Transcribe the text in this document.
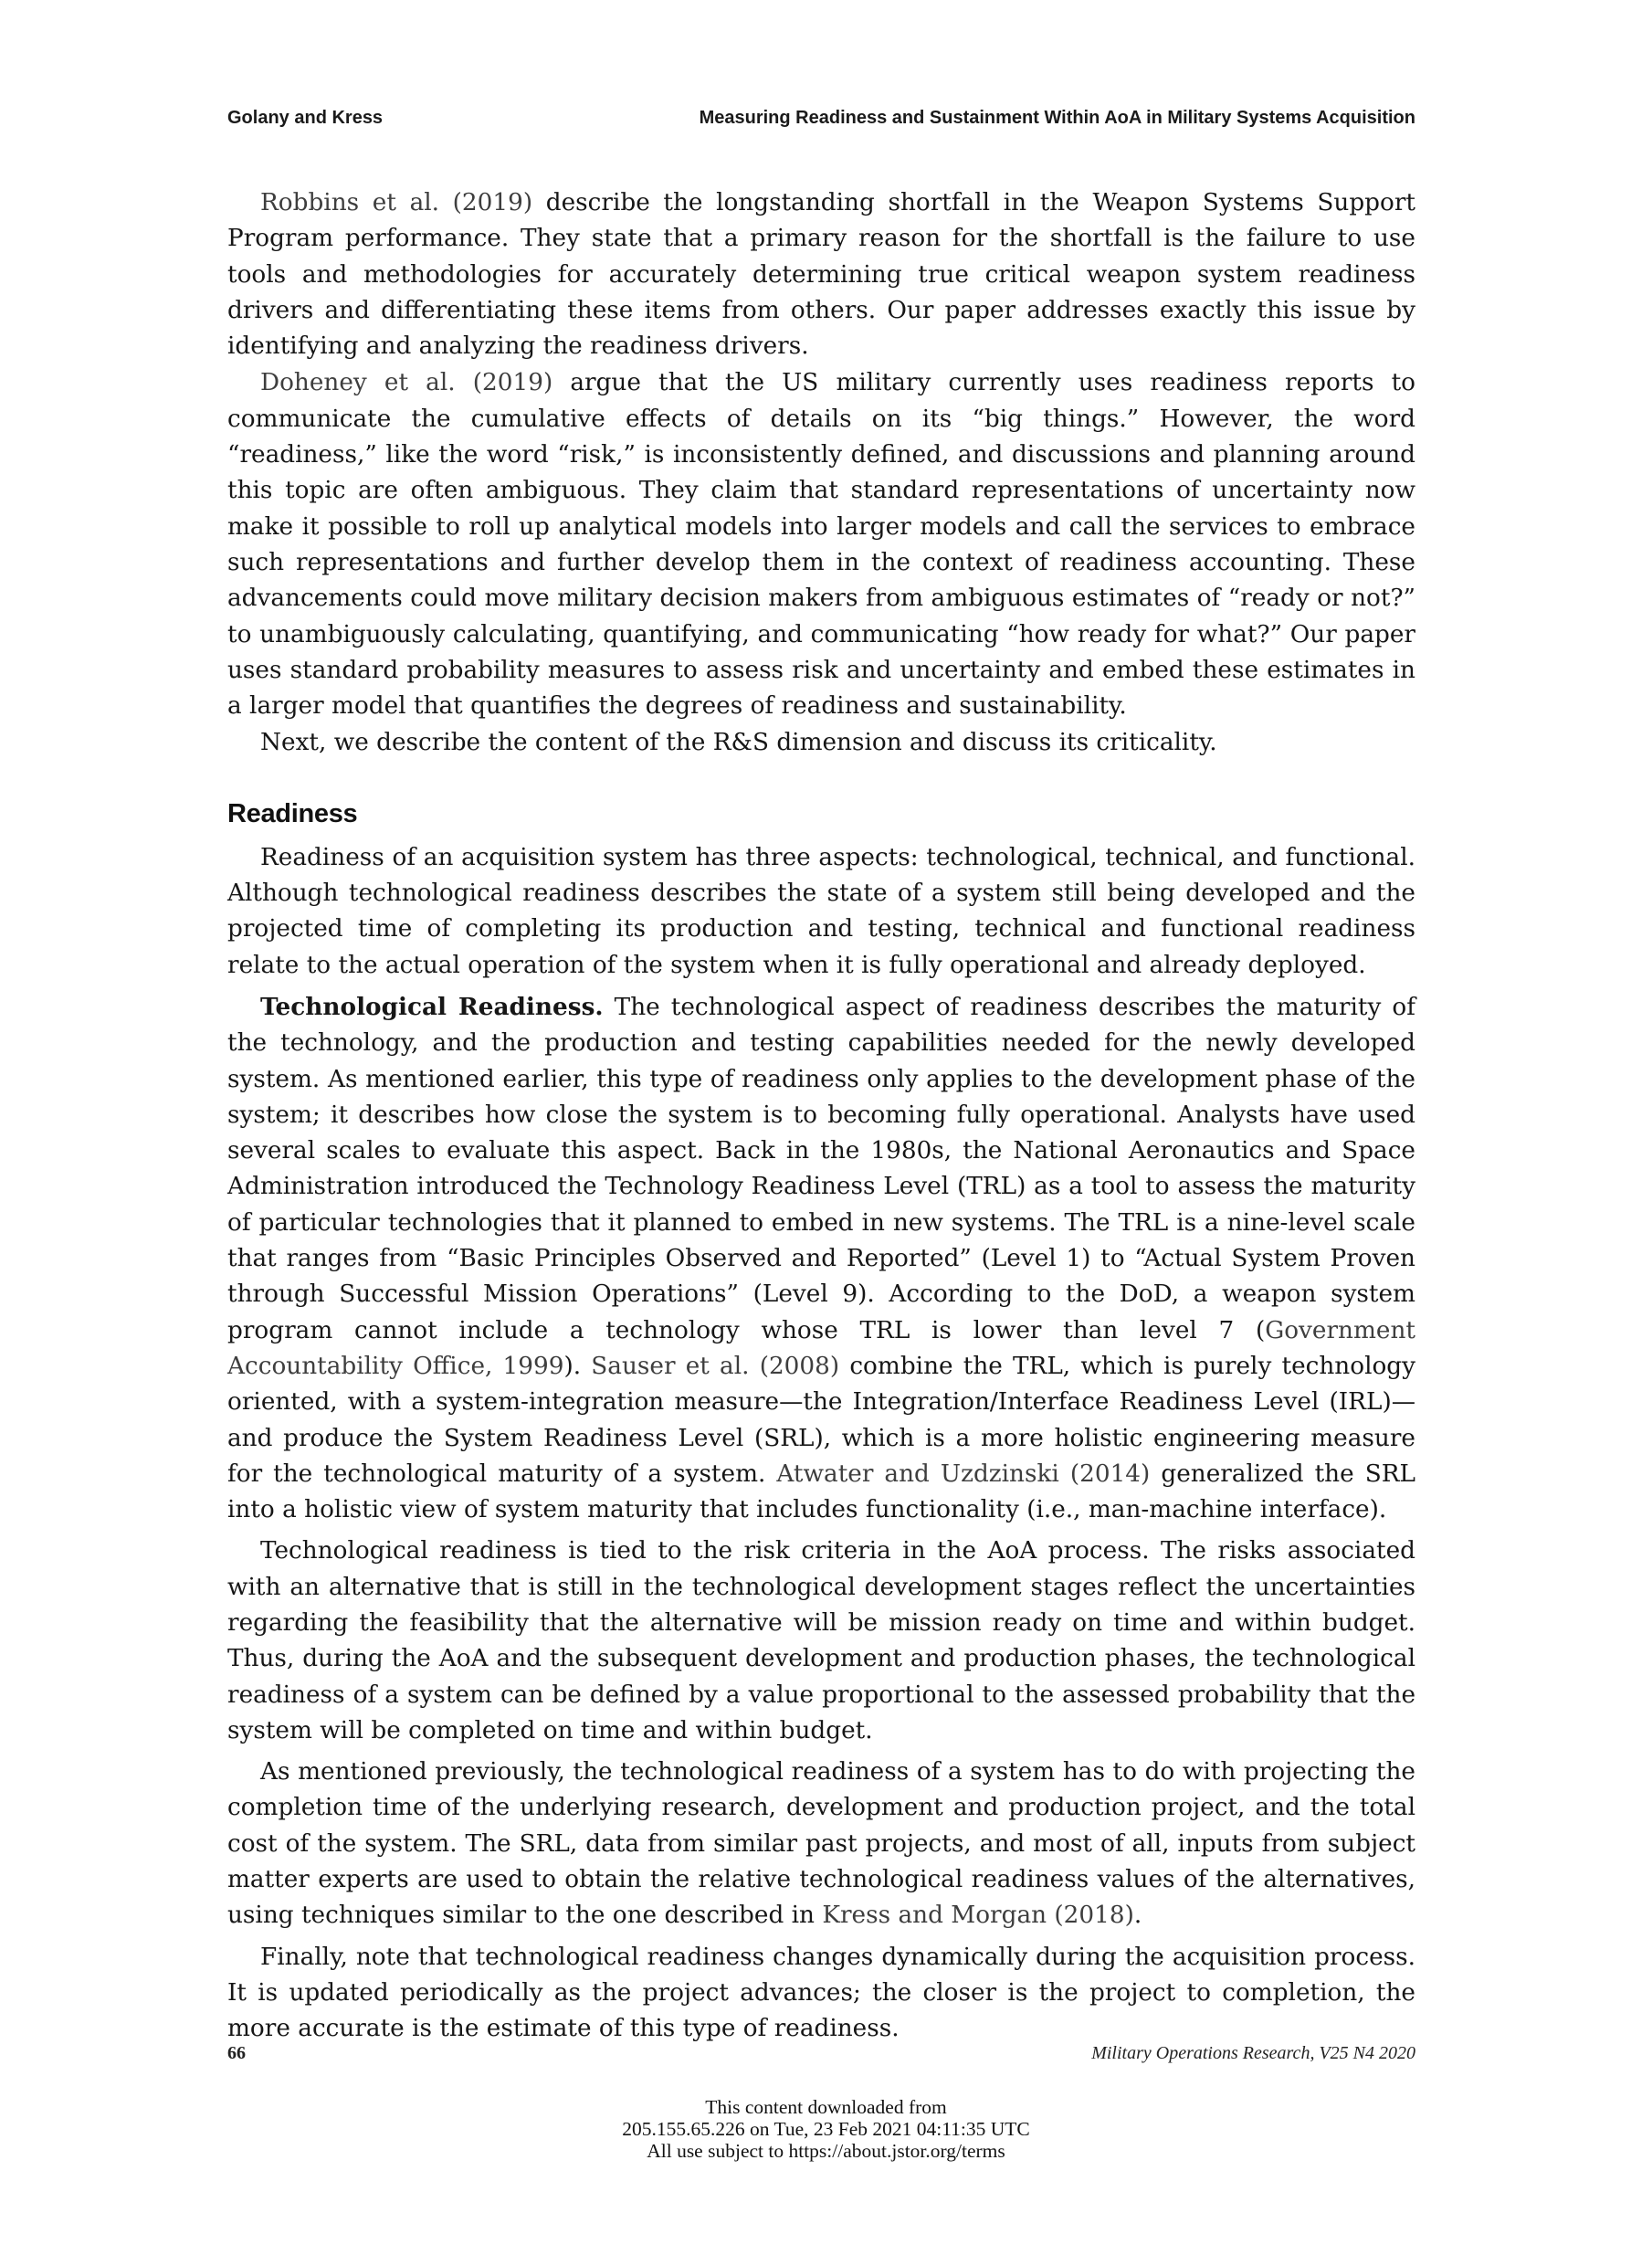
Golany and Kress	Measuring Readiness and Sustainment Within AoA in Military Systems Acquisition

Robbins et al. (2019) describe the longstanding shortfall in the Weapon Systems Support Program performance. They state that a primary reason for the shortfall is the failure to use tools and methodologies for accurately determining true critical weapon system readiness drivers and differentiating these items from others. Our paper addresses exactly this issue by identifying and analyzing the readiness drivers.

Doheney et al. (2019) argue that the US military currently uses readiness reports to communicate the cumulative effects of details on its “big things.” However, the word “readiness,” like the word “risk,” is inconsistently defined, and discussions and planning around this topic are often ambiguous. They claim that standard representations of uncertainty now make it possible to roll up analytical models into larger models and call the services to embrace such representations and further develop them in the context of readiness accounting. These advancements could move military decision makers from ambiguous estimates of “ready or not?” to unambiguously calculating, quantifying, and communicating “how ready for what?” Our paper uses standard probability measures to assess risk and uncertainty and embed these estimates in a larger model that quantifies the degrees of readiness and sustainability.

Next, we describe the content of the R&S dimension and discuss its criticality.

Readiness

Readiness of an acquisition system has three aspects: technological, technical, and functional. Although technological readiness describes the state of a system still being developed and the projected time of completing its production and testing, technical and functional readiness relate to the actual operation of the system when it is fully operational and already deployed.

Technological Readiness. The technological aspect of readiness describes the maturity of the technology, and the production and testing capabilities needed for the newly developed system. As mentioned earlier, this type of readiness only applies to the development phase of the system; it describes how close the system is to becoming fully operational. Analysts have used several scales to evaluate this aspect. Back in the 1980s, the National Aeronautics and Space Administration introduced the Technology Readiness Level (TRL) as a tool to assess the maturity of particular technologies that it planned to embed in new systems. The TRL is a nine-level scale that ranges from “Basic Principles Observed and Reported” (Level 1) to “Actual System Proven through Successful Mission Operations” (Level 9). According to the DoD, a weapon system program cannot include a technology whose TRL is lower than level 7 (Government Accountability Office, 1999). Sauser et al. (2008) combine the TRL, which is purely technology oriented, with a system-integration measure—the Integration/Interface Readiness Level (IRL)—and produce the System Readiness Level (SRL), which is a more holistic engineering measure for the technological maturity of a system. Atwater and Uzdzinski (2014) generalized the SRL into a holistic view of system maturity that includes functionality (i.e., man-machine interface).

Technological readiness is tied to the risk criteria in the AoA process. The risks associated with an alternative that is still in the technological development stages reflect the uncertainties regarding the feasibility that the alternative will be mission ready on time and within budget. Thus, during the AoA and the subsequent development and production phases, the technological readiness of a system can be defined by a value proportional to the assessed probability that the system will be completed on time and within budget.

As mentioned previously, the technological readiness of a system has to do with projecting the completion time of the underlying research, development and production project, and the total cost of the system. The SRL, data from similar past projects, and most of all, inputs from subject matter experts are used to obtain the relative technological readiness values of the alternatives, using techniques similar to the one described in Kress and Morgan (2018).

Finally, note that technological readiness changes dynamically during the acquisition process. It is updated periodically as the project advances; the closer is the project to completion, the more accurate is the estimate of this type of readiness.

66	Military Operations Research, V25 N4 2020
This content downloaded from
205.155.65.226 on Tue, 23 Feb 2021 04:11:35 UTC
All use subject to https://about.jstor.org/terms
